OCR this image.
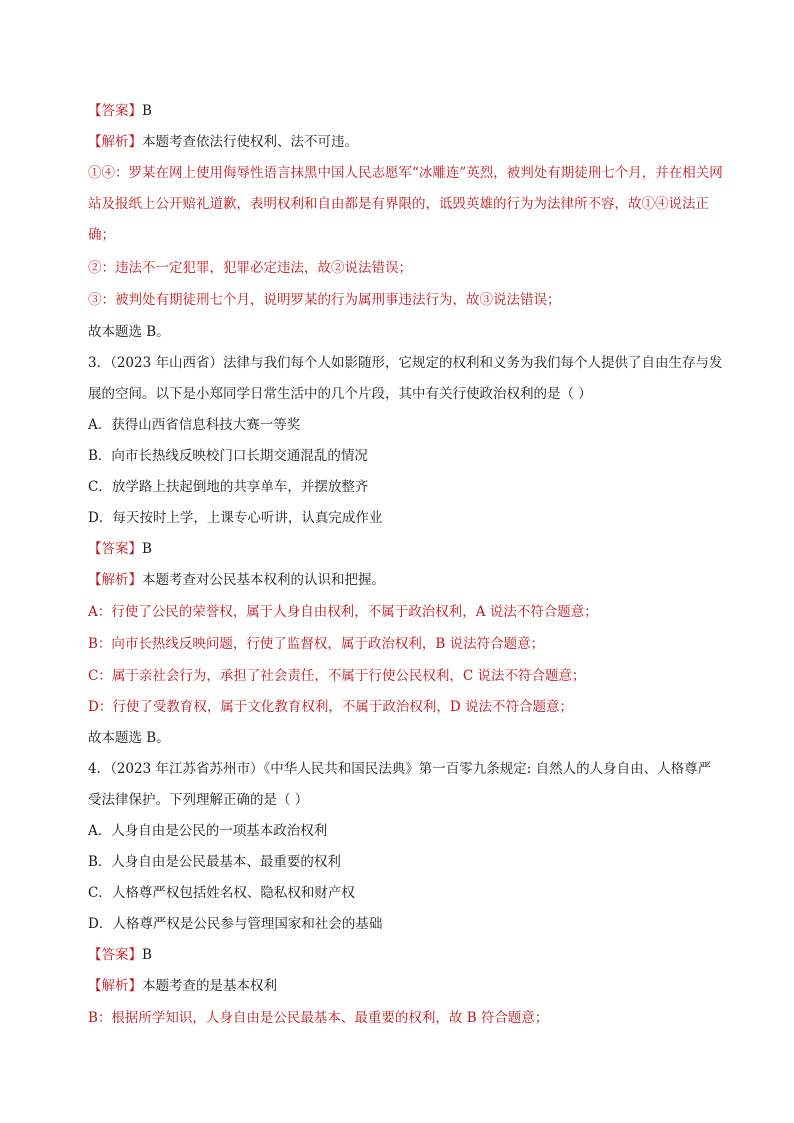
【答案】B
【解析】本题考查依法行使权利、法不可违。
①④：罗某在网上使用侮辱性语言抹黑中国人民志愿军“冰雕连”英烈，被判处有期徒刑七个月，并在相关网
站及报纸上公开赔礼道歉，表明权利和自由都是有界限的，诋毁英雄的行为为法律所不容，故①④说法正
确；
②：违法不一定犯罪，犯罪必定违法，故②说法错误；
③：被判处有期徒刑七个月，说明罗某的行为属刑事违法行为，故③说法错误；
故本题选 B。
3．（2023 年山西省）法律与我们每个人如影随形，它规定的权利和义务为我们每个人提供了自由生存与发
展的空间。以下是小郑同学日常生活中的几个片段，其中有关行使政治权利的是（ ）
A．获得山西省信息科技大赛一等奖
B．向市长热线反映校门口长期交通混乱的情况
C．放学路上扶起倒地的共享单车，并摆放整齐
D．每天按时上学，上课专心听讲，认真完成作业
【答案】B
【解析】本题考查对公民基本权利的认识和把握。
A：行使了公民的荣誉权，属于人身自由权利，不属于政治权利，A 说法不符合题意；
B：向市长热线反映问题，行使了监督权，属于政治权利，B 说法符合题意；
C：属于亲社会行为，承担了社会责任，不属于行使公民权利，C 说法不符合题意；
D：行使了受教育权，属于文化教育权利，不属于政治权利，D 说法不符合题意；
故本题选 B。
4．（2023 年江苏省苏州市）《中华人民共和国民法典》第一百零九条规定: 自然人的人身自由、人格尊严
受法律保护。下列理解正确的是（ ）
A．人身自由是公民的一项基本政治权利
B．人身自由是公民最基本、最重要的权利
C．人格尊严权包括姓名权、隐私权和财产权
D．人格尊严权是公民参与管理国家和社会的基础
【答案】B
【解析】本题考查的是基本权利
B：根据所学知识，人身自由是公民最基本、最重要的权利，故 B 符合题意；
